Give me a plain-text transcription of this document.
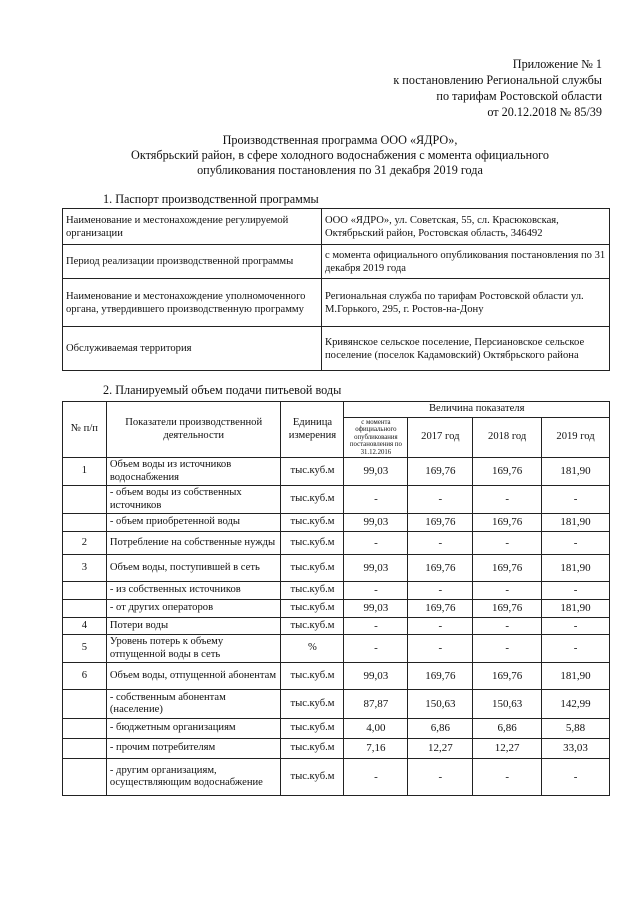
Приложение № 1
к постановлению Региональной службы
по тарифам Ростовской области
от 20.12.2018 № 85/39
Производственная программа ООО «ЯДРО»,
Октябрьский район, в сфере холодного водоснабжения с момента официального
опубликования постановления по 31 декабря 2019 года
1. Паспорт производственной программы
Наименование и местонахождение регулируемой организации	ООО «ЯДРО», ул. Советская, 55, сл. Красюковская, Октябрьский район, Ростовская область, 346492
Период реализации производственной программы	с момента официального опубликования постановления по 31 декабря 2019 года
Наименование и местонахождение уполномоченного органа, утвердившего производственную программу	Региональная служба по тарифам Ростовской области ул. М.Горького, 295, г. Ростов-на-Дону
Обслуживаемая территория	Кривянское сельское поселение, Персиановское сельское поселение (поселок Кадамовский) Октябрьского района
2. Планируемый объем подачи питьевой воды
№ п/п	Показатели производственной деятельности	Единица измерения	Величина показателя			
			с момента официального опубликования постановления по 31.12.2016	2017 год	2018 год	2019 год
1	Объем воды из источников водоснабжения	тыс.куб.м	99,03	169,76	169,76	181,90
	- объем воды из собственных источников	тыс.куб.м	-	-	-	-
	- объем приобретенной воды	тыс.куб.м	99,03	169,76	169,76	181,90
2	Потребление на собственные нужды	тыс.куб.м	-	-	-	-
3	Объем воды, поступившей в сеть	тыс.куб.м	99,03	169,76	169,76	181,90
	- из собственных источников	тыс.куб.м	-	-	-	-
	- от других операторов	тыс.куб.м	99,03	169,76	169,76	181,90
4	Потери воды	тыс.куб.м	-	-	-	-
5	Уровень потерь к объему отпущенной воды в сеть	%	-	-	-	-
6	Объем воды, отпущенной абонентам	тыс.куб.м	99,03	169,76	169,76	181,90
	- собственным абонентам (население)	тыс.куб.м	87,87	150,63	150,63	142,99
	- бюджетным организациям	тыс.куб.м	4,00	6,86	6,86	5,88
	- прочим потребителям	тыс.куб.м	7,16	12,27	12,27	33,03
	- другим организациям, осуществляющим водоснабжение	тыс.куб.м	-	-	-	-
